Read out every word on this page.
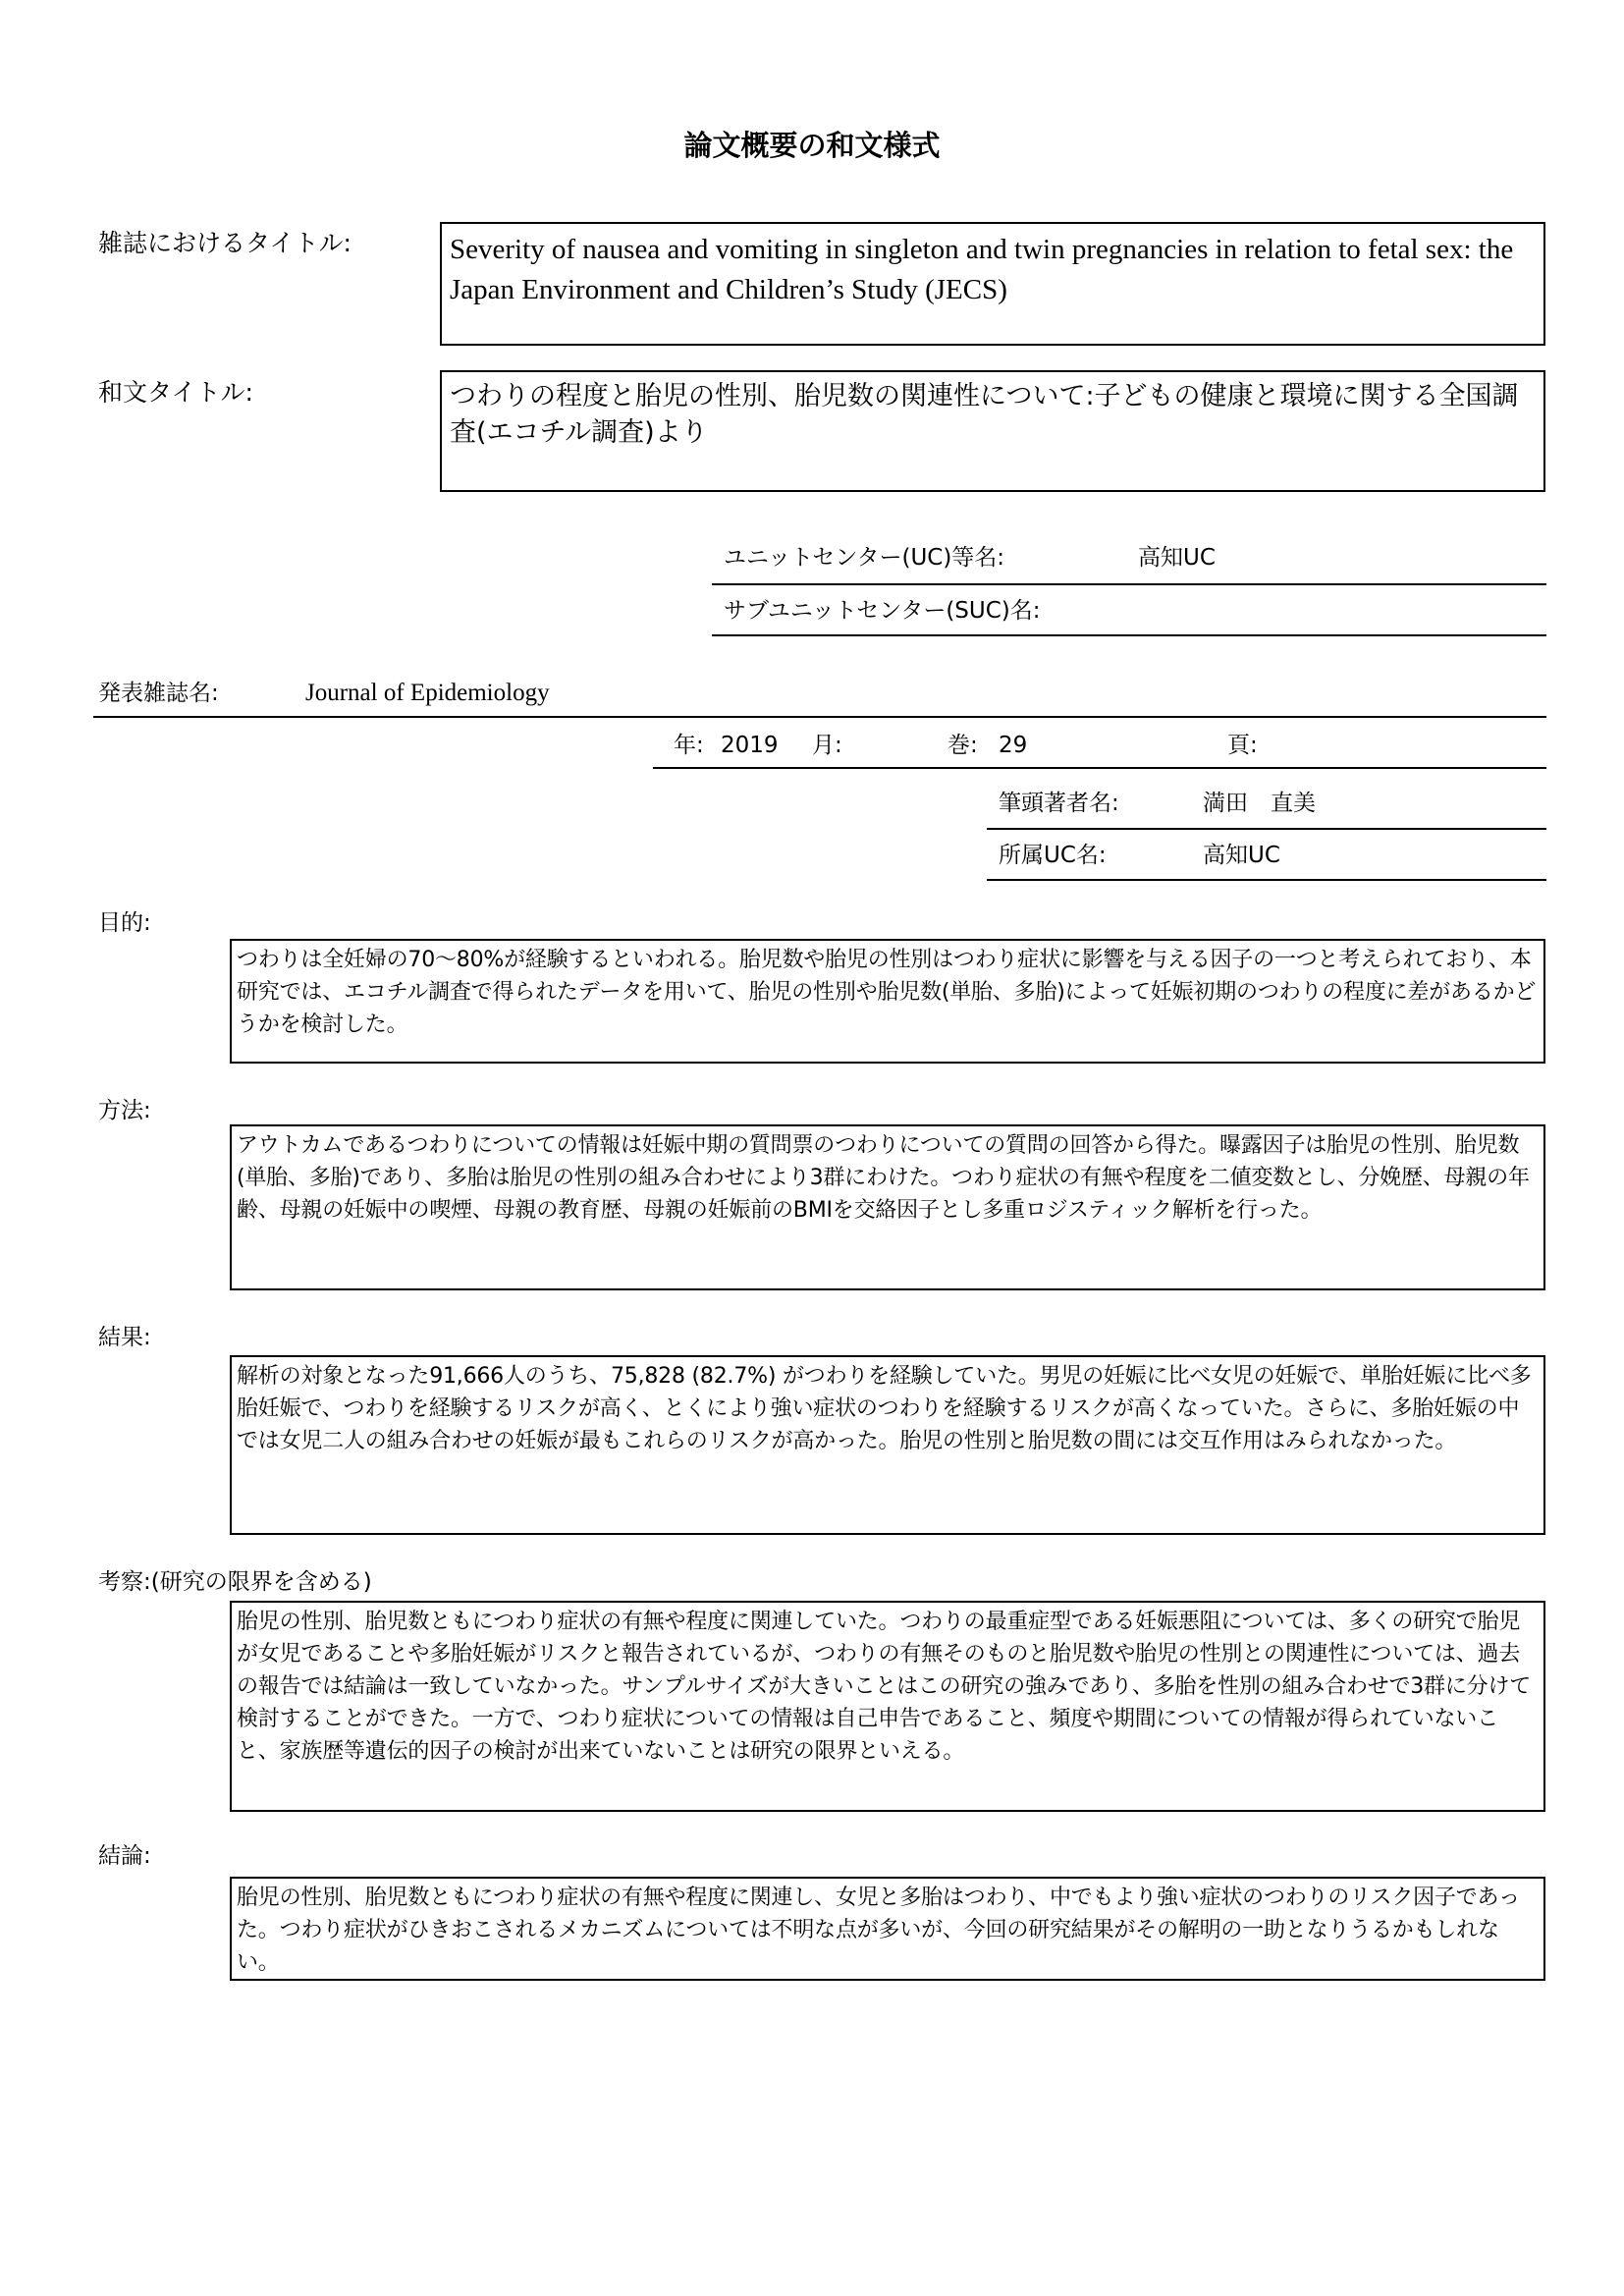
論文概要の和文様式
雑誌におけるタイトル:	Severity of nausea and vomiting in singleton and twin pregnancies in relation to fetal sex: the Japan Environment and Children’s Study (JECS)
和文タイトル:	つわりの程度と胎児の性別、胎児数の関連性について:子どもの健康と環境に関する全国調査(エコチル調査)より
ユニットセンター(UC)等名:	高知UC
サブユニットセンター(SUC)名:
発表雑誌名:	Journal of Epidemiology
年: 2019 月:	巻: 29	頁:
筆頭著者名:	満田　直美
所属UC名:	高知UC
目的:
つわりは全妊婦の70〜80%が経験するといわれる。胎児数や胎児の性別はつわり症状に影響を与える因子の一つと考えられており、本研究では、エコチル調査で得られたデータを用いて、胎児の性別や胎児数(単胎、多胎)によって妊娠初期のつわりの程度に差があるかどうかを検討した。
方法:
アウトカムであるつわりについての情報は妊娠中期の質問票のつわりについての質問の回答から得た。曝露因子は胎児の性別、胎児数(単胎、多胎)であり、多胎は胎児の性別の組み合わせにより3群にわけた。つわり症状の有無や程度を二値変数とし、分娩歴、母親の年齢、母親の妊娠中の喫煙、母親の教育歴、母親の妊娠前のBMIを交絡因子とし多重ロジスティック解析を行った。
結果:
解析の対象となった91,666人のうち、75,828 (82.7%) がつわりを経験していた。男児の妊娠に比べ女児の妊娠で、単胎妊娠に比べ多胎妊娠で、つわりを経験するリスクが高く、とくにより強い症状のつわりを経験するリスクが高くなっていた。さらに、多胎妊娠の中では女児二人の組み合わせの妊娠が最もこれらのリスクが高かった。胎児の性別と胎児数の間には交互作用はみられなかった。
考察:(研究の限界を含める)
胎児の性別、胎児数ともにつわり症状の有無や程度に関連していた。つわりの最重症型である妊娠悪阻については、多くの研究で胎児が女児であることや多胎妊娠がリスクと報告されているが、つわりの有無そのものと胎児数や胎児の性別との関連性については、過去の報告では結論は一致していなかった。サンプルサイズが大きいことはこの研究の強みであり、多胎を性別の組み合わせで3群に分けて検討することができた。一方で、つわり症状についての情報は自己申告であること、頻度や期間についての情報が得られていないこと、家族歴等遺伝的因子の検討が出来ていないことは研究の限界といえる。
結論:
胎児の性別、胎児数ともにつわり症状の有無や程度に関連し、女児と多胎はつわり、中でもより強い症状のつわりのリスク因子であった。つわり症状がひきおこされるメカニズムについては不明な点が多いが、今回の研究結果がその解明の一助となりうるかもしれない。
